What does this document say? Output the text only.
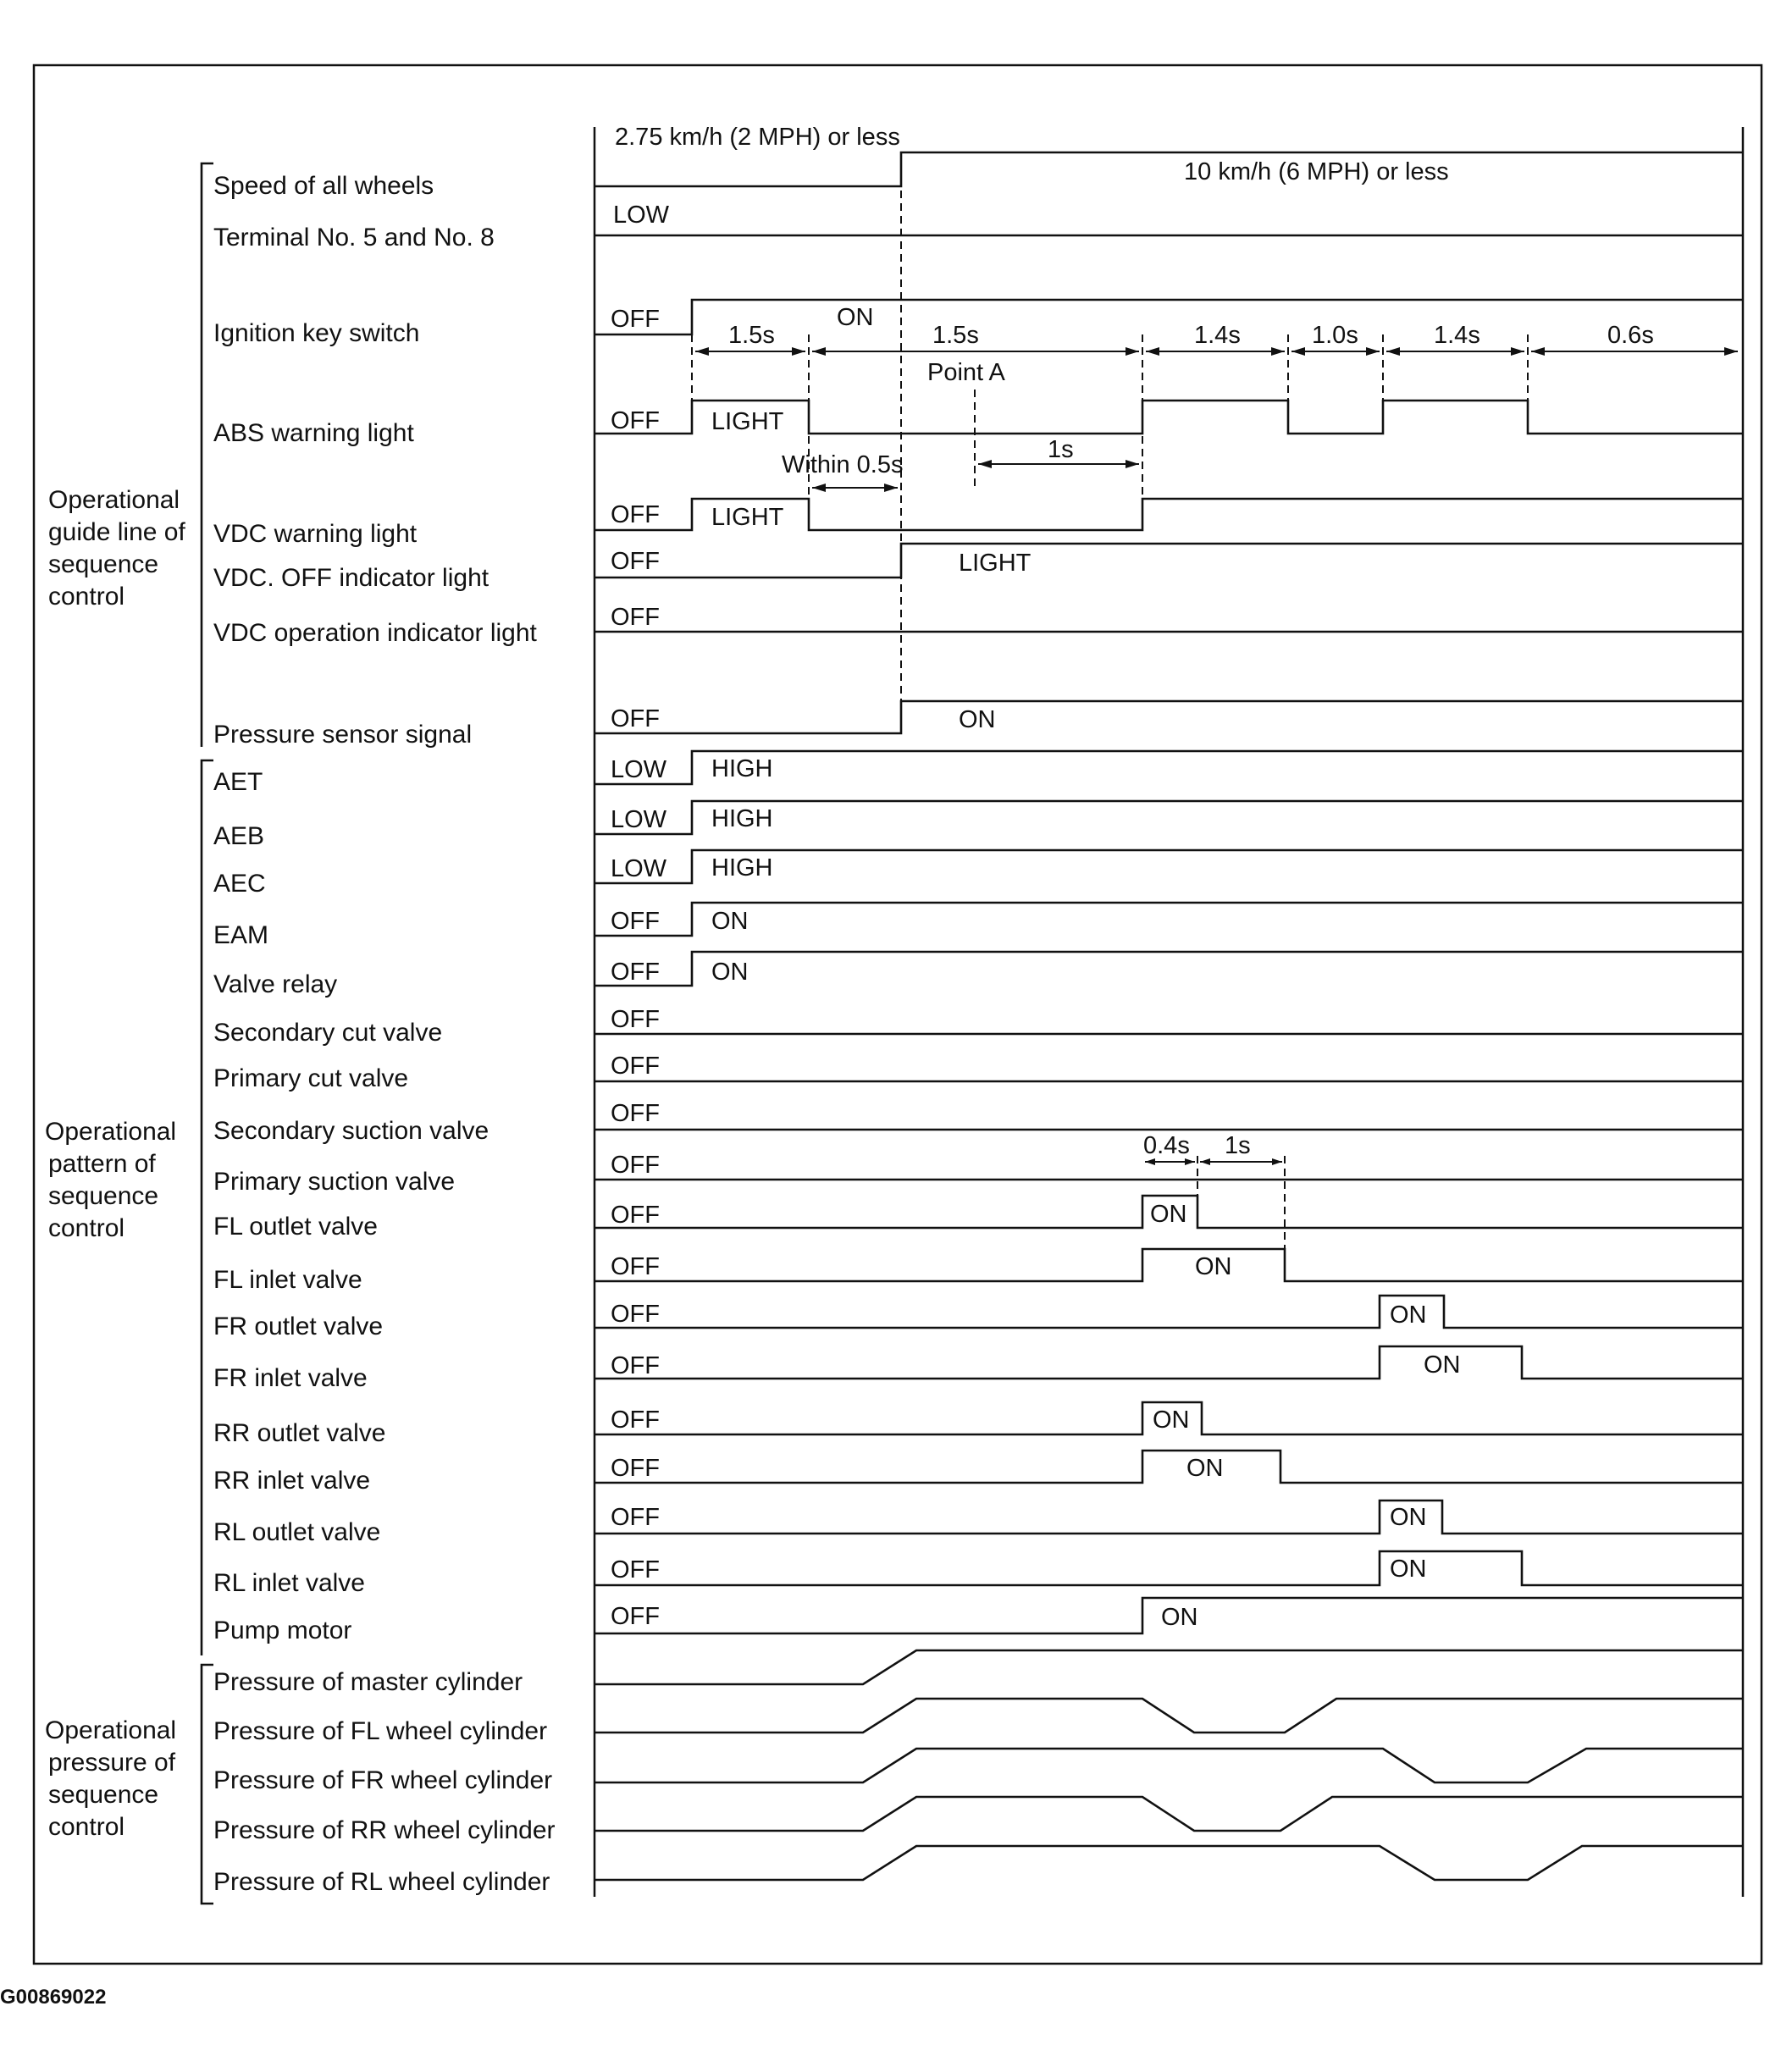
Operational guide line of sequence control
Operational pattern of sequence control
Operational pressure of sequence control
Speed of all wheels
Terminal No. 5 and No. 8
Ignition key switch
ABS warning light
VDC warning light
VDC. OFF indicator light
VDC operation indicator light
Pressure sensor signal
AET
AEB
AEC
EAM
Valve relay
Secondary cut valve
Primary cut valve
Secondary suction valve
Primary suction valve
FL outlet valve
FL inlet valve
FR outlet valve
FR inlet valve
RR outlet valve
RR inlet valve
RL outlet valve
RL inlet valve
Pump motor
Pressure of master cylinder
Pressure of FL wheel cylinder
Pressure of FR wheel cylinder
Pressure of RR wheel cylinder
Pressure of RL wheel cylinder
LOW
OFF	ON
OFF LIGHT
OFF LIGHT
OFF	LIGHT
OFF
OFF	ON
LOW HIGH
LOW HIGH
LOW HIGH
OFF ON
OFF ON
OFF
OFF
OFF
OFF
OFF	ON
OFF	ON
OFF	ON
OFF	ON
OFF	ON
OFF	ON
OFF	ON
OFF	ON
OFF	ON
2.75 km/h (2 MPH) or less
10 km/h (6 MPH) or less
1.5s	1.5s	1.4s	1.0s	1.4s	0.6s
Point A
1s
Within 0.5s
0.4s 1s
G00869022
